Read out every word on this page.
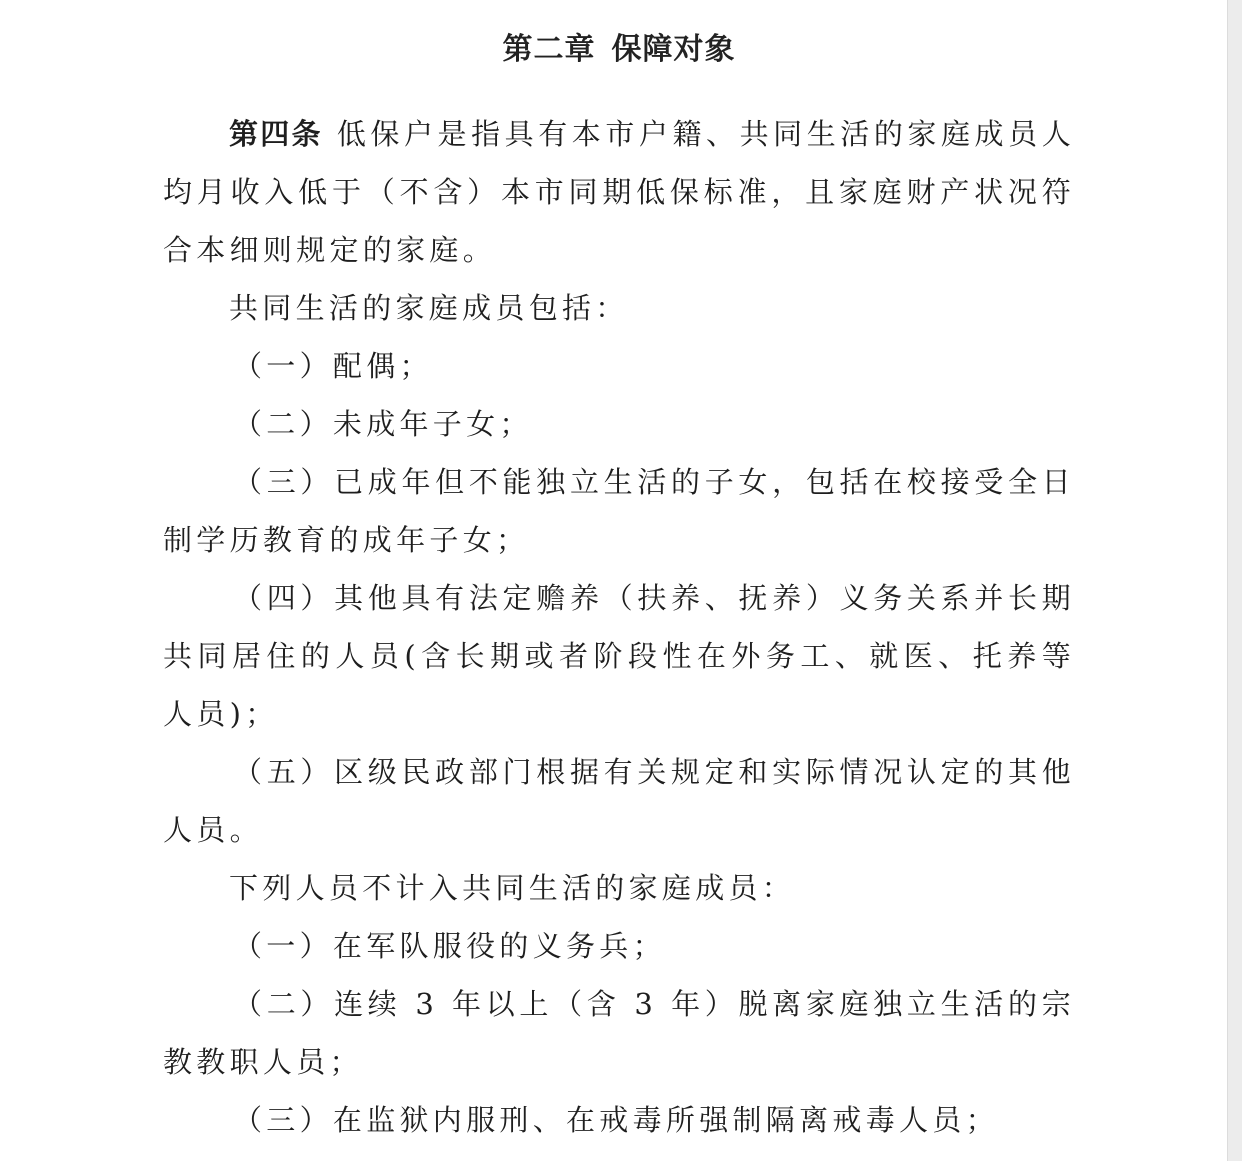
第二章 保障对象

第四条 低保户是指具有本市户籍、共同生活的家庭成员人均月收入低于（不含）本市同期低保标准，且家庭财产状况符合本细则规定的家庭。

共同生活的家庭成员包括：

（一）配偶；

（二）未成年子女；

（三）已成年但不能独立生活的子女，包括在校接受全日制学历教育的成年子女；

（四）其他具有法定赡养（扶养、抚养）义务关系并长期共同居住的人员(含长期或者阶段性在外务工、就医、托养等人员)；

（五）区级民政部门根据有关规定和实际情况认定的其他人员。

下列人员不计入共同生活的家庭成员：

（一）在军队服役的义务兵；

（二）连续 3 年以上（含 3 年）脱离家庭独立生活的宗教教职人员；

（三）在监狱内服刑、在戒毒所强制隔离戒毒人员；
